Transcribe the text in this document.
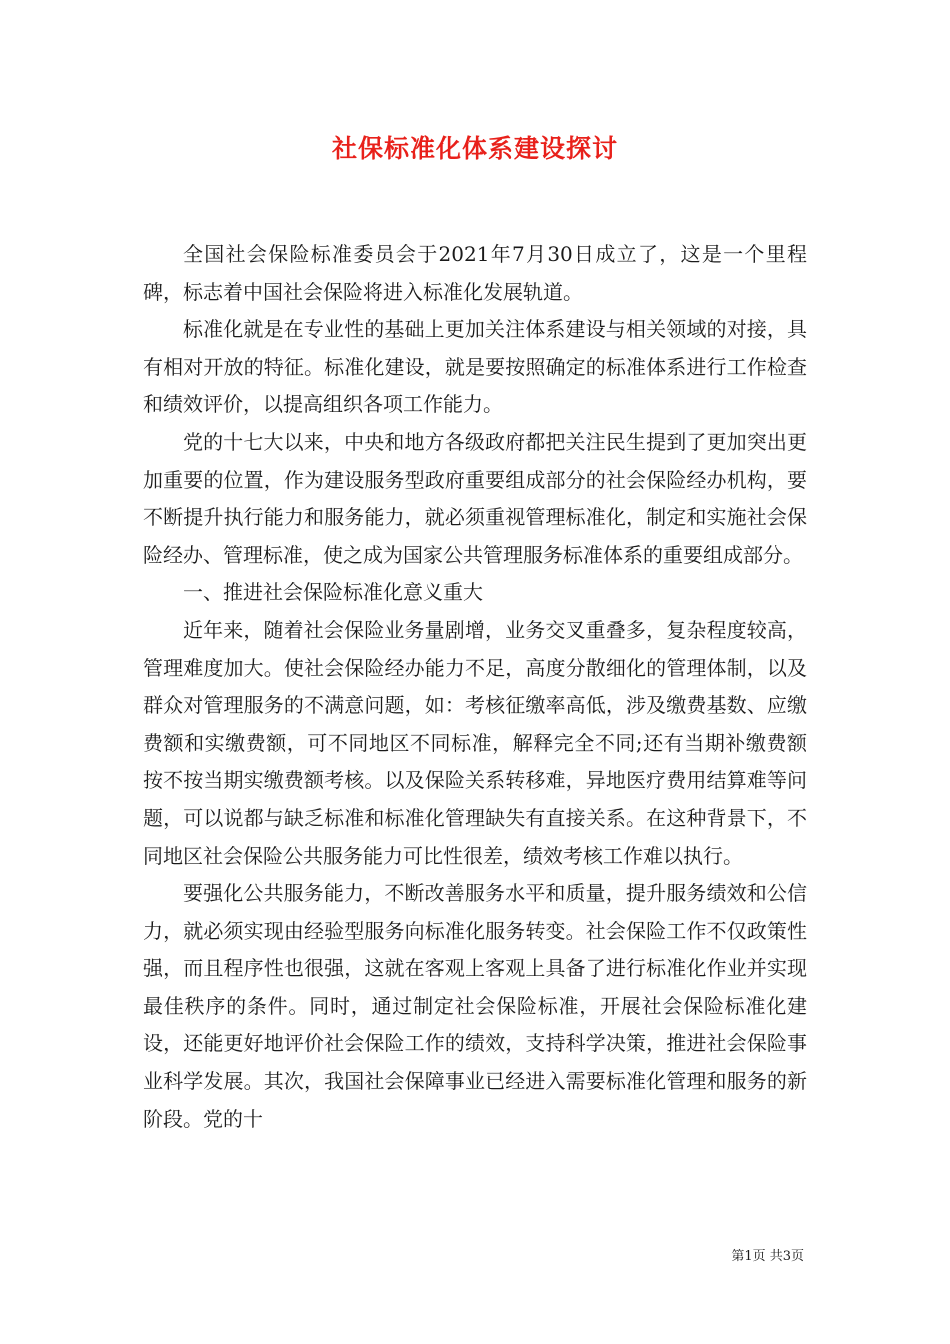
社保标准化体系建设探讨

全国社会保险标准委员会于2021年7月30日成立了，这是一个里程碑，标志着中国社会保险将进入标准化发展轨道。

标准化就是在专业性的基础上更加关注体系建设与相关领域的对接，具有相对开放的特征。标准化建设，就是要按照确定的标准体系进行工作检查和绩效评价，以提高组织各项工作能力。

党的十七大以来，中央和地方各级政府都把关注民生提到了更加突出更加重要的位置，作为建设服务型政府重要组成部分的社会保险经办机构，要不断提升执行能力和服务能力，就必须重视管理标准化，制定和实施社会保险经办、管理标准，使之成为国家公共管理服务标准体系的重要组成部分。

一、推进社会保险标准化意义重大

近年来，随着社会保险业务量剧增，业务交叉重叠多，复杂程度较高，管理难度加大。使社会保险经办能力不足，高度分散细化的管理体制，以及群众对管理服务的不满意问题，如：考核征缴率高低，涉及缴费基数、应缴费额和实缴费额，可不同地区不同标准，解释完全不同;还有当期补缴费额按不按当期实缴费额考核。以及保险关系转移难，异地医疗费用结算难等问题，可以说都与缺乏标准和标准化管理缺失有直接关系。在这种背景下，不同地区社会保险公共服务能力可比性很差，绩效考核工作难以执行。

要强化公共服务能力，不断改善服务水平和质量，提升服务绩效和公信力，就必须实现由经验型服务向标准化服务转变。社会保险工作不仅政策性强，而且程序性也很强，这就在客观上客观上具备了进行标准化作业并实现最佳秩序的条件。同时，通过制定社会保险标准，开展社会保险标准化建设，还能更好地评价社会保险工作的绩效，支持科学决策，推进社会保险事业科学发展。其次，我国社会保障事业已经进入需要标准化管理和服务的新阶段。党的十

第1页 共3页
